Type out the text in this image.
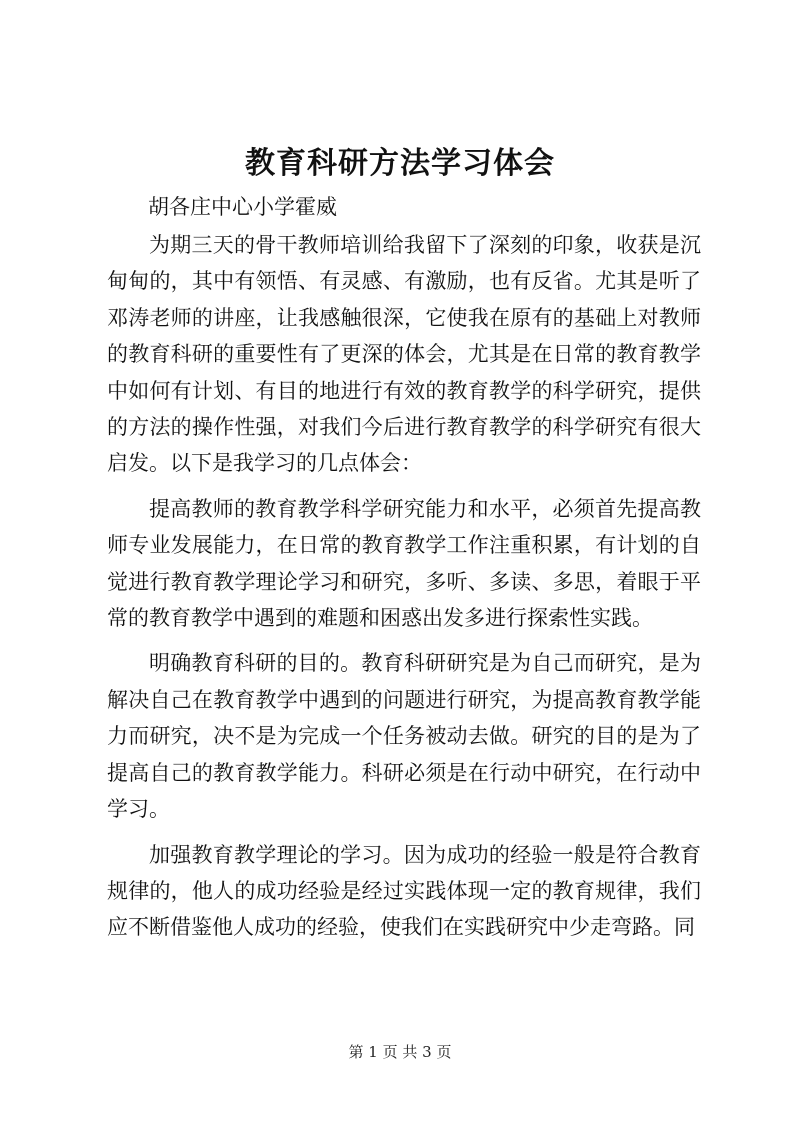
教育科研方法学习体会
胡各庄中心小学霍威

为期三天的骨干教师培训给我留下了深刻的印象，收获是沉甸甸的，其中有领悟、有灵感、有激励，也有反省。尤其是听了邓涛老师的讲座，让我感触很深，它使我在原有的基础上对教师的教育科研的重要性有了更深的体会，尤其是在日常的教育教学中如何有计划、有目的地进行有效的教育教学的科学研究，提供的方法的操作性强，对我们今后进行教育教学的科学研究有很大启发。以下是我学习的几点体会：

提高教师的教育教学科学研究能力和水平，必须首先提高教师专业发展能力，在日常的教育教学工作注重积累，有计划的自觉进行教育教学理论学习和研究，多听、多读、多思，着眼于平常的教育教学中遇到的难题和困惑出发多进行探索性实践。

明确教育科研的目的。教育科研研究是为自己而研究，是为解决自己在教育教学中遇到的问题进行研究，为提高教育教学能力而研究，决不是为完成一个任务被动去做。研究的目的是为了提高自己的教育教学能力。科研必须是在行动中研究，在行动中学习。

加强教育教学理论的学习。因为成功的经验一般是符合教育规律的，他人的成功经验是经过实践体现一定的教育规律，我们应不断借鉴他人成功的经验，使我们在实践研究中少走弯路。同

第 1 页 共 3 页
